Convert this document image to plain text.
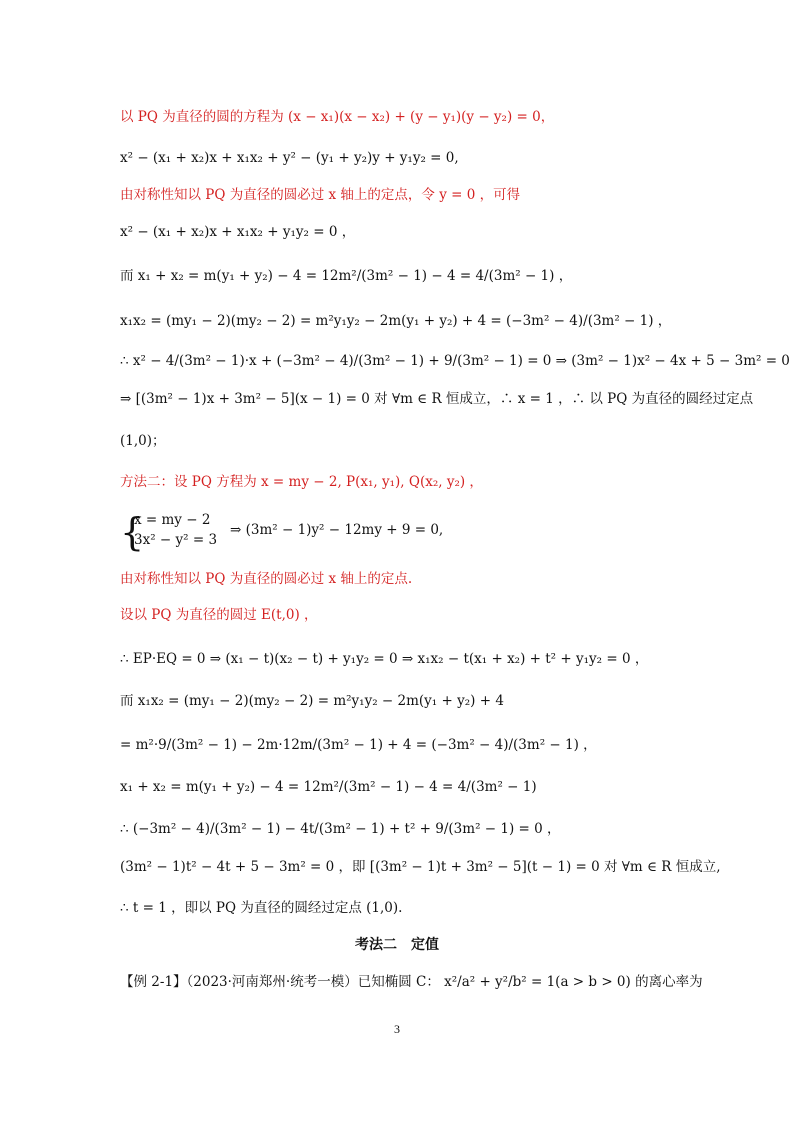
以 PQ 为直径的圆的方程为 (x − x₁)(x − x₂) + (y − y₁)(y − y₂) = 0，
x² − (x₁ + x₂)x + x₁x₂ + y² − (y₁ + y₂)y + y₁y₂ = 0,
由对称性知以 PQ 为直径的圆必过 x 轴上的定点，令 y = 0 ，可得
x² − (x₁ + x₂)x + x₁x₂ + y₁y₂ = 0 ，
而 x₁ + x₂ = m(y₁ + y₂) − 4 = 12m²/(3m² − 1) − 4 = 4/(3m² − 1) ，
x₁x₂ = (my₁ − 2)(my₂ − 2) = m²y₁y₂ − 2m(y₁ + y₂) + 4 = (−3m² − 4)/(3m² − 1) ，
∴ x² − 4/(3m² − 1)·x + (−3m² − 4)/(3m² − 1) + 9/(3m² − 1) = 0 ⇒ (3m² − 1)x² − 4x + 5 − 3m² = 0
⇒ [(3m² − 1)x + 3m² − 5](x − 1) = 0 对 ∀m ∈ R 恒成立，∴ x = 1 ，∴ 以 PQ 为直径的圆经过定点
(1,0)；
方法二：设 PQ 方程为 x = my − 2, P(x₁, y₁), Q(x₂, y₂) ，
{
x = my − 2
3x² − y² = 3
⇒ (3m² − 1)y² − 12my + 9 = 0,
由对称性知以 PQ 为直径的圆必过 x 轴上的定点.
设以 PQ 为直径的圆过 E(t,0) ，
∴ EP·EQ = 0 ⇒ (x₁ − t)(x₂ − t) + y₁y₂ = 0 ⇒ x₁x₂ − t(x₁ + x₂) + t² + y₁y₂ = 0 ，
而 x₁x₂ = (my₁ − 2)(my₂ − 2) = m²y₁y₂ − 2m(y₁ + y₂) + 4
= m²·9/(3m² − 1) − 2m·12m/(3m² − 1) + 4 = (−3m² − 4)/(3m² − 1) ，
x₁ + x₂ = m(y₁ + y₂) − 4 = 12m²/(3m² − 1) − 4 = 4/(3m² − 1)
∴ (−3m² − 4)/(3m² − 1) − 4t/(3m² − 1) + t² + 9/(3m² − 1) = 0 ，
(3m² − 1)t² − 4t + 5 − 3m² = 0 ，即 [(3m² − 1)t + 3m² − 5](t − 1) = 0 对 ∀m ∈ R 恒成立,
∴ t = 1 ，即以 PQ 为直径的圆经过定点 (1,0).
考法二　定值
【例 2-1】（2023·河南郑州·统考一模）已知椭圆 C： x²/a² + y²/b² = 1(a > b > 0) 的离心率为
3
